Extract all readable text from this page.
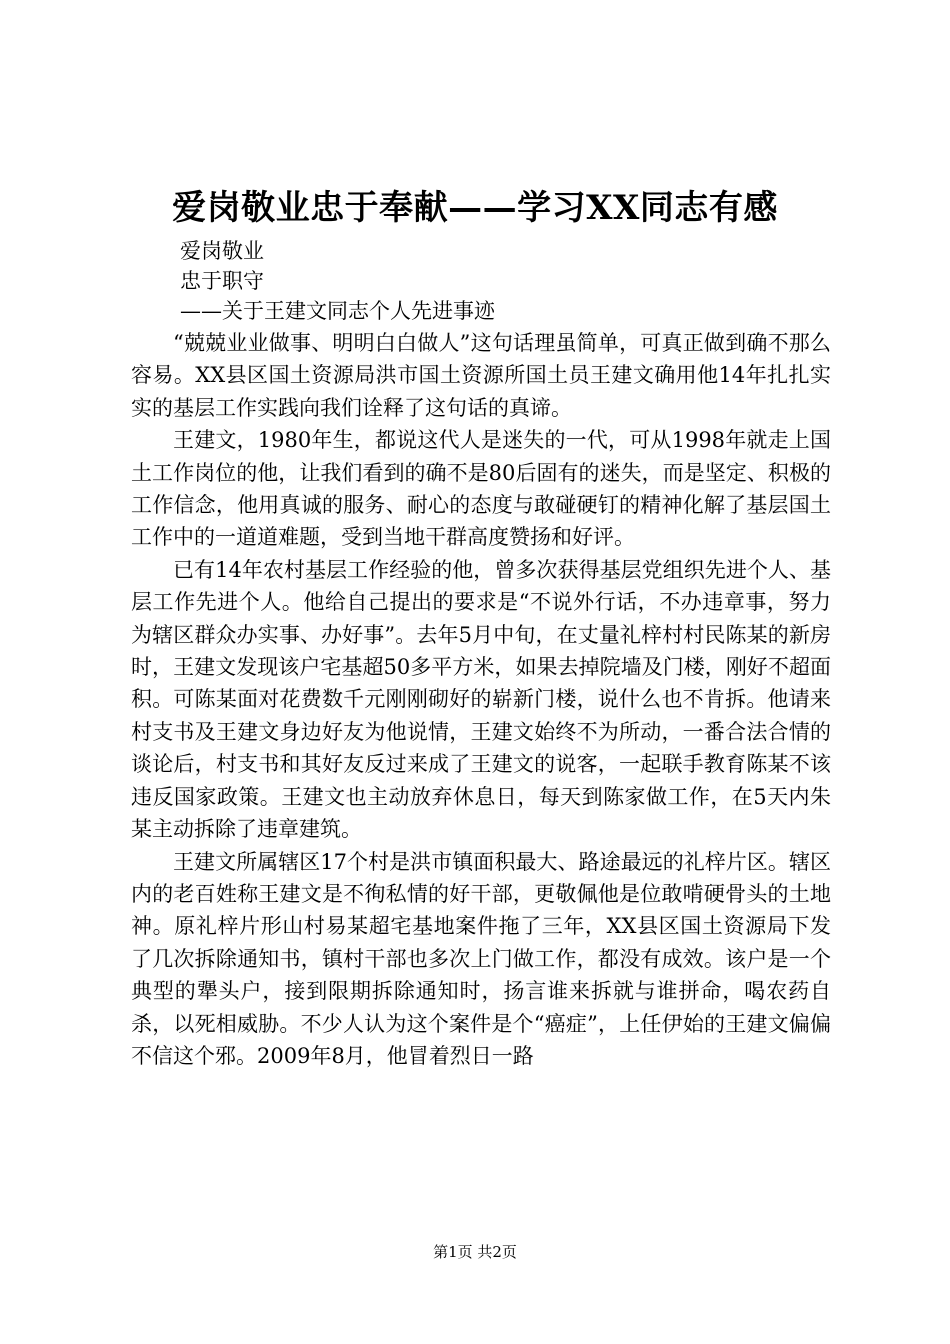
爱岗敬业忠于奉献——学习XX同志有感
爱岗敬业
忠于职守
——关于王建文同志个人先进事迹

“兢兢业业做事、明明白白做人”这句话理虽简单，可真正做到确不那么容易。XX县区国土资源局洪市国土资源所国土员王建文确用他14年扎扎实实的基层工作实践向我们诠释了这句话的真谛。

王建文，1980年生，都说这代人是迷失的一代，可从1998年就走上国土工作岗位的他，让我们看到的确不是80后固有的迷失，而是坚定、积极的工作信念，他用真诚的服务、耐心的态度与敢碰硬钉的精神化解了基层国土工作中的一道道难题，受到当地干群高度赞扬和好评。

已有14年农村基层工作经验的他，曾多次获得基层党组织先进个人、基层工作先进个人。他给自己提出的要求是“不说外行话，不办违章事，努力为辖区群众办实事、办好事”。去年5月中旬，在丈量礼梓村村民陈某的新房时，王建文发现该户宅基超50多平方米，如果去掉院墙及门楼，刚好不超面积。可陈某面对花费数千元刚刚砌好的崭新门楼，说什么也不肯拆。他请来村支书及王建文身边好友为他说情，王建文始终不为所动，一番合法合情的谈论后，村支书和其好友反过来成了王建文的说客，一起联手教育陈某不该违反国家政策。王建文也主动放弃休息日，每天到陈家做工作，在5天内朱某主动拆除了违章建筑。

王建文所属辖区17个村是洪市镇面积最大、路途最远的礼梓片区。辖区内的老百姓称王建文是不徇私情的好干部，更敬佩他是位敢啃硬骨头的土地神。原礼梓片形山村易某超宅基地案件拖了三年，XX县区国土资源局下发了几次拆除通知书，镇村干部也多次上门做工作，都没有成效。该户是一个典型的犟头户，接到限期拆除通知时，扬言谁来拆就与谁拼命，喝农药自杀，以死相威胁。不少人认为这个案件是个“癌症”，上任伊始的王建文偏偏不信这个邪。2009年8月，他冒着烈日一路

第1页 共2页
